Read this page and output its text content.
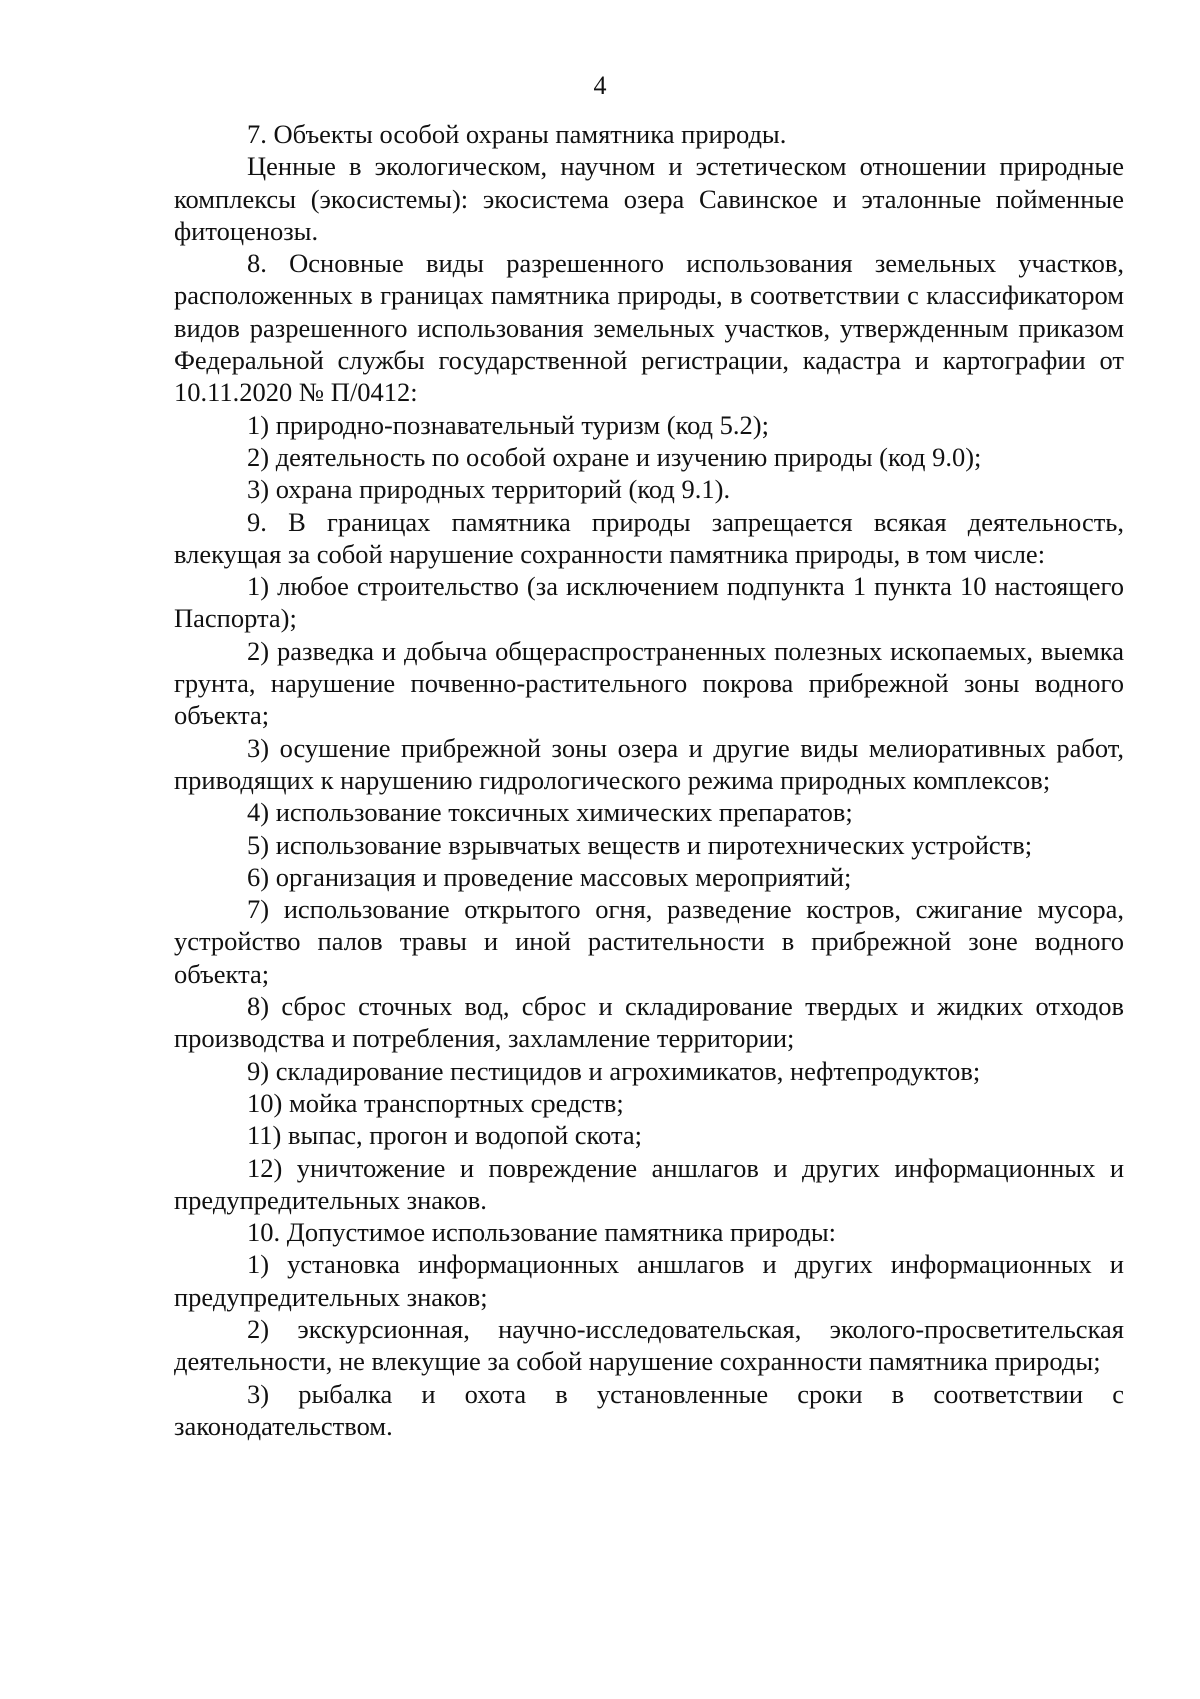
4

7. Объекты особой охраны памятника природы.

Ценные в экологическом, научном и эстетическом отношении природные комплексы (экосистемы): экосистема озера Савинское и эталонные пойменные фитоценозы.

8. Основные виды разрешенного использования земельных участков, расположенных в границах памятника природы, в соответствии с классификатором видов разрешенного использования земельных участков, утвержденным приказом Федеральной службы государственной регистрации, кадастра и картографии от 10.11.2020 № П/0412:

1) природно-познавательный туризм (код 5.2);

2) деятельность по особой охране и изучению природы (код 9.0);

3) охрана природных территорий (код 9.1).

9. В границах памятника природы запрещается всякая деятельность, влекущая за собой нарушение сохранности памятника природы, в том числе:

1) любое строительство (за исключением подпункта 1 пункта 10 настоящего Паспорта);

2) разведка и добыча общераспространенных полезных ископаемых, выемка грунта, нарушение почвенно-растительного покрова прибрежной зоны водного объекта;

3) осушение прибрежной зоны озера и другие виды мелиоративных работ, приводящих к нарушению гидрологического режима природных комплексов;

4) использование токсичных химических препаратов;

5) использование взрывчатых веществ и пиротехнических устройств;

6) организация и проведение массовых мероприятий;

7) использование открытого огня, разведение костров, сжигание мусора, устройство палов травы и иной растительности в прибрежной зоне водного объекта;

8) сброс сточных вод, сброс и складирование твердых и жидких отходов производства и потребления, захламление территории;

9) складирование пестицидов и агрохимикатов, нефтепродуктов;

10) мойка транспортных средств;

11) выпас, прогон и водопой скота;

12) уничтожение и повреждение аншлагов и других информационных и предупредительных знаков.

10. Допустимое использование памятника природы:

1) установка информационных аншлагов и других информационных и предупредительных знаков;

2) экскурсионная, научно-исследовательская, эколого-просветительская деятельности, не влекущие за собой нарушение сохранности памятника природы;

3) рыбалка и охота в установленные сроки в соответствии с законодательством.
